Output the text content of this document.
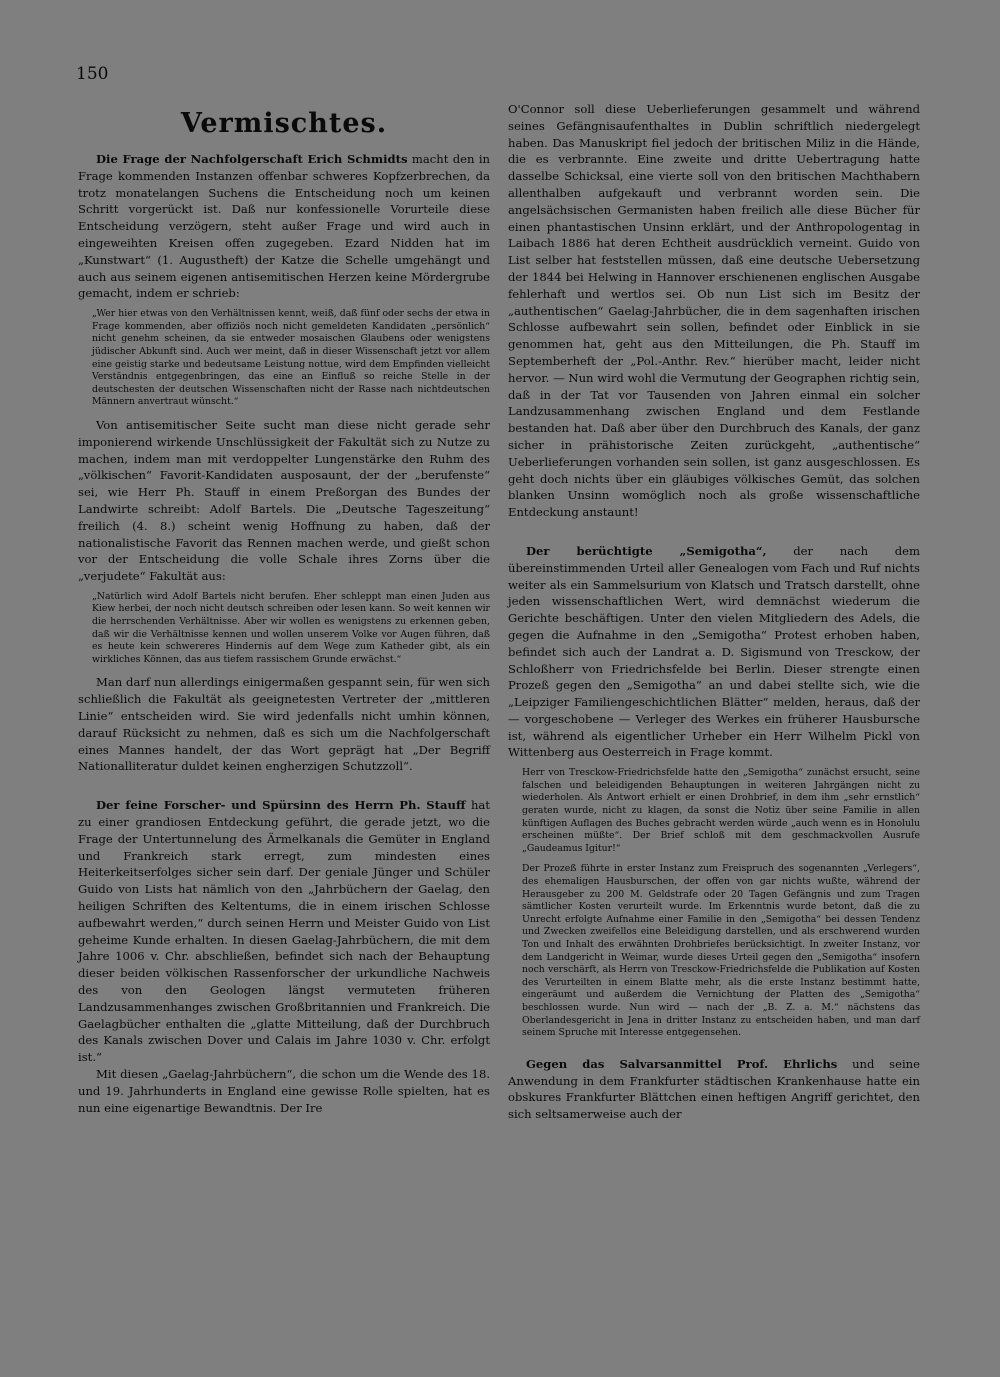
150
Vermischtes.

Die Frage der Nachfolgerschaft Erich Schmidts macht den in Frage kommenden Instanzen offenbar schweres Kopfzerbrechen, da trotz monatelangen Suchens die Entscheidung noch um keinen Schritt vorgerückt ist. Daß nur konfessionelle Vorurteile diese Entscheidung verzögern, steht außer Frage und wird auch in eingeweihten Kreisen offen zugegeben. Ezard Nidden hat im „Kunstwart“ (1. Augustheft) der Katze die Schelle umgehängt und auch aus seinem eigenen antisemitischen Herzen keine Mördergrube gemacht, indem er schrieb:

„Wer hier etwas von den Verhältnissen kennt, weiß, daß fünf oder sechs der etwa in Frage kommenden, aber offiziös noch nicht gemeldeten Kandidaten „persönlich“ nicht genehm scheinen, da sie entweder mosaischen Glaubens oder wenigstens jüdischer Abkunft sind. Auch wer meint, daß in dieser Wissenschaft jetzt vor allem eine geistig starke und bedeutsame Leistung nottue, wird dem Empfinden vielleicht Verständnis entgegenbringen, das eine an Einfluß so reiche Stelle in der deutschesten der deutschen Wissenschaften nicht der Rasse nach nichtdeutschen Männern anvertraut wünscht.“

Von antisemitischer Seite sucht man diese nicht gerade sehr imponierend wirkende Unschlüssigkeit der Fakultät sich zu Nutze zu machen, indem man mit verdoppelter Lungenstärke den Ruhm des „völkischen“ Favorit-Kandidaten ausposaunt, der der „berufenste“ sei, wie Herr Ph. Stauff in einem Preßorgan des Bundes der Landwirte schreibt: Adolf Bartels. Die „Deutsche Tageszeitung“ freilich (4. 8.) scheint wenig Hoffnung zu haben, daß der nationalistische Favorit das Rennen machen werde, und gießt schon vor der Entscheidung die volle Schale ihres Zorns über die „verjudete“ Fakultät aus:

„Natürlich wird Adolf Bartels nicht berufen. Eher schleppt man einen Juden aus Kiew herbei, der noch nicht deutsch schreiben oder lesen kann. So weit kennen wir die herrschenden Verhältnisse. Aber wir wollen es wenigstens zu erkennen geben, daß wir die Verhältnisse kennen und wollen unserem Volke vor Augen führen, daß es heute kein schwereres Hindernis auf dem Wege zum Katheder gibt, als ein wirkliches Können, das aus tiefem rassischem Grunde erwächst.“

Man darf nun allerdings einigermaßen gespannt sein, für wen sich schließlich die Fakultät als geeignetesten Vertreter der „mittleren Linie“ entscheiden wird. Sie wird jedenfalls nicht umhin können, darauf Rücksicht zu nehmen, daß es sich um die Nachfolgerschaft eines Mannes handelt, der das Wort geprägt hat „Der Begriff Nationalliteratur duldet keinen engherzigen Schutzzoll“.

Der feine Forscher- und Spürsinn des Herrn Ph. Stauff hat zu einer grandiosen Entdeckung geführt, die gerade jetzt, wo die Frage der Untertunnelung des Ärmelkanals die Gemüter in England und Frankreich stark erregt, zum mindesten eines Heiterkeitserfolges sicher sein darf. Der geniale Jünger und Schüler Guido von Lists hat nämlich von den „Jahrbüchern der Gaelag, den heiligen Schriften des Keltentums, die in einem irischen Schlosse aufbewahrt werden,“ durch seinen Herrn und Meister Guido von List geheime Kunde erhalten. In diesen Gaelag-Jahrbüchern, die mit dem Jahre 1006 v. Chr. abschließen, befindet sich nach der Behauptung dieser beiden völkischen Rassenforscher der urkundliche Nachweis des von den Geologen längst vermuteten früheren Landzusammenhanges zwischen Großbritannien und Frankreich. Die Gaelagbücher enthalten die „glatte Mitteilung, daß der Durchbruch des Kanals zwischen Dover und Calais im Jahre 1030 v. Chr. erfolgt ist.“

Mit diesen „Gaelag-Jahrbüchern“, die schon um die Wende des 18. und 19. Jahrhunderts in England eine gewisse Rolle spielten, hat es nun eine eigenartige Bewandtnis. Der Ire

O'Connor soll diese Ueberlieferungen gesammelt und während seines Gefängnisaufenthaltes in Dublin schriftlich niedergelegt haben. Das Manuskript fiel jedoch der britischen Miliz in die Hände, die es verbrannte. Eine zweite und dritte Uebertragung hatte dasselbe Schicksal, eine vierte soll von den britischen Machthabern allenthalben aufgekauft und verbrannt worden sein. Die angelsächsischen Germanisten haben freilich alle diese Bücher für einen phantastischen Unsinn erklärt, und der Anthropologentag in Laibach 1886 hat deren Echtheit ausdrücklich verneint. Guido von List selber hat feststellen müssen, daß eine deutsche Uebersetzung der 1844 bei Helwing in Hannover erschienenen englischen Ausgabe fehlerhaft und wertlos sei. Ob nun List sich im Besitz der „authentischen“ Gaelag-Jahrbücher, die in dem sagenhaften irischen Schlosse aufbewahrt sein sollen, befindet oder Einblick in sie genommen hat, geht aus den Mitteilungen, die Ph. Stauff im Septemberheft der „Pol.-Anthr. Rev.“ hierüber macht, leider nicht hervor. — Nun wird wohl die Vermutung der Geographen richtig sein, daß in der Tat vor Tausenden von Jahren einmal ein solcher Landzusammenhang zwischen England und dem Festlande bestanden hat. Daß aber über den Durchbruch des Kanals, der ganz sicher in prähistorische Zeiten zurückgeht, „authentische“ Ueberlieferungen vorhanden sein sollen, ist ganz ausgeschlossen. Es geht doch nichts über ein gläubiges völkisches Gemüt, das solchen blanken Unsinn womöglich noch als große wissenschaftliche Entdeckung anstaunt!

Der berüchtigte „Semigotha“, der nach dem übereinstimmenden Urteil aller Genealogen vom Fach und Ruf nichts weiter als ein Sammelsurium von Klatsch und Tratsch darstellt, ohne jeden wissenschaftlichen Wert, wird demnächst wiederum die Gerichte beschäftigen. Unter den vielen Mitgliedern des Adels, die gegen die Aufnahme in den „Semigotha“ Protest erhoben haben, befindet sich auch der Landrat a. D. Sigismund von Tresckow, der Schloßherr von Friedrichsfelde bei Berlin. Dieser strengte einen Prozeß gegen den „Semigotha“ an und dabei stellte sich, wie die „Leipziger Familiengeschichtlichen Blätter“ melden, heraus, daß der — vorgeschobene — Verleger des Werkes ein früherer Hausbursche ist, während als eigentlicher Urheber ein Herr Wilhelm Pickl von Wittenberg aus Oesterreich in Frage kommt.

Herr von Tresckow-Friedrichsfelde hatte den „Semigotha“ zunächst ersucht, seine falschen und beleidigenden Behauptungen in weiteren Jahrgängen nicht zu wiederholen. Als Antwort erhielt er einen Drohbrief, in dem ihm „sehr ernstlich“ geraten wurde, nicht zu klagen, da sonst die Notiz über seine Familie in allen künftigen Auflagen des Buches gebracht werden würde „auch wenn es in Honolulu erscheinen müßte“. Der Brief schloß mit dem geschmackvollen Ausrufe „Gaudeamus Igitur!“

Der Prozeß führte in erster Instanz zum Freispruch des sogenannten „Verlegers“, des ehemaligen Hausburschen, der offen von gar nichts wußte, während der Herausgeber zu 200 M. Geldstrafe oder 20 Tagen Gefängnis und zum Tragen sämtlicher Kosten verurteilt wurde. Im Erkenntnis wurde betont, daß die zu Unrecht erfolgte Aufnahme einer Familie in den „Semigotha“ bei dessen Tendenz und Zwecken zweifellos eine Beleidigung darstellen, und als erschwerend wurden Ton und Inhalt des erwähnten Drohbriefes berücksichtigt. In zweiter Instanz, vor dem Landgericht in Weimar, wurde dieses Urteil gegen den „Semigotha“ insofern noch verschärft, als Herrn von Tresckow-Friedrichsfelde die Publikation auf Kosten des Verurteilten in einem Blatte mehr, als die erste Instanz bestimmt hatte, eingeräumt und außerdem die Vernichtung der Platten des „Semigotha“ beschlossen wurde. Nun wird — nach der „B. Z. a. M.“ nächstens das Oberlandesgericht in Jena in dritter Instanz zu entscheiden haben, und man darf seinem Spruche mit Interesse entgegensehen.

Gegen das Salvarsanmittel Prof. Ehrlichs und seine Anwendung in dem Frankfurter städtischen Krankenhause hatte ein obskures Frankfurter Blättchen einen heftigen Angriff gerichtet, den sich seltsamerweise auch der
